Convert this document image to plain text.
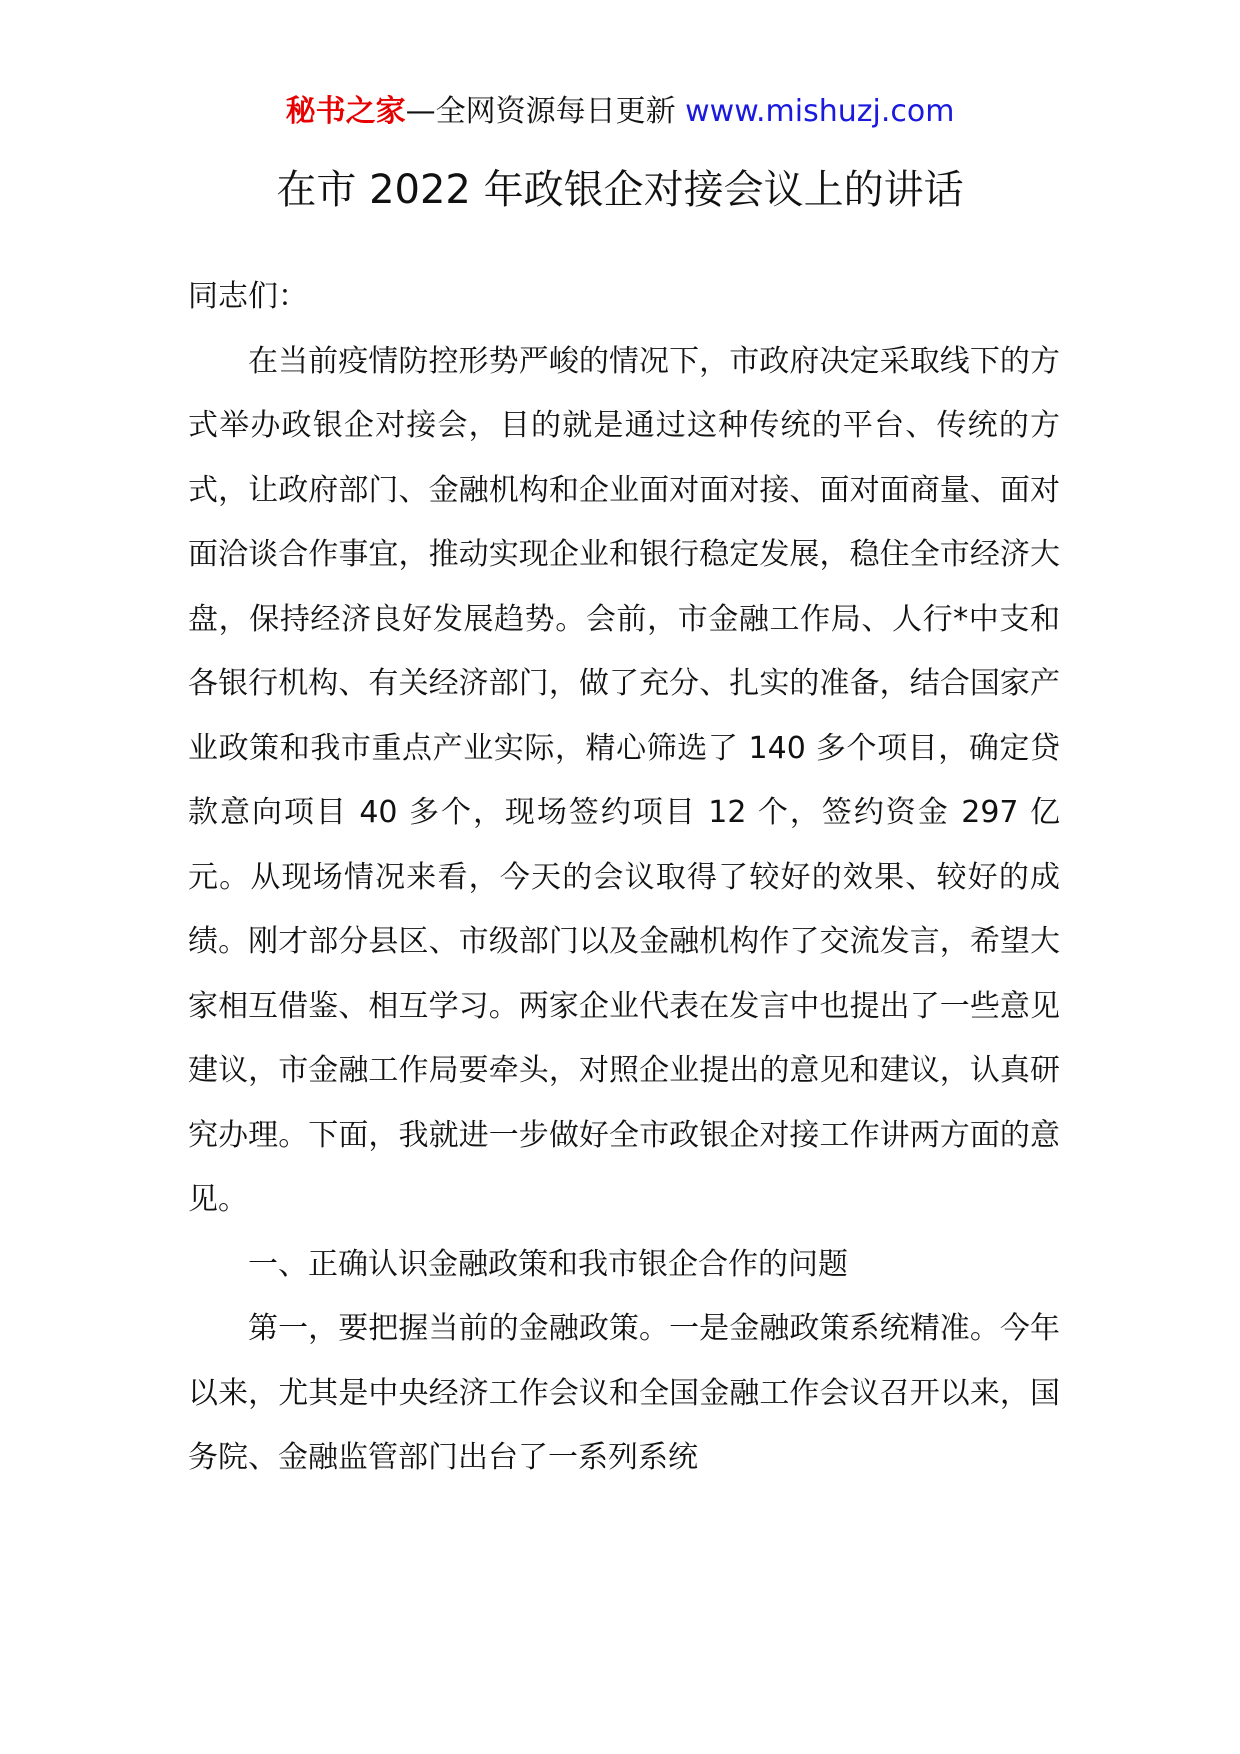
秘书之家—全网资源每日更新 www.mishuzj.com
在市 2022 年政银企对接会议上的讲话

同志们：

在当前疫情防控形势严峻的情况下，市政府决定采取线下的方式举办政银企对接会，目的就是通过这种传统的平台、传统的方式，让政府部门、金融机构和企业面对面对接、面对面商量、面对面洽谈合作事宜，推动实现企业和银行稳定发展，稳住全市经济大盘，保持经济良好发展趋势。会前，市金融工作局、人行*中支和各银行机构、有关经济部门，做了充分、扎实的准备，结合国家产业政策和我市重点产业实际，精心筛选了 140 多个项目，确定贷款意向项目 40 多个，现场签约项目 12 个，签约资金 297 亿元。从现场情况来看，今天的会议取得了较好的效果、较好的成绩。刚才部分县区、市级部门以及金融机构作了交流发言，希望大家相互借鉴、相互学习。两家企业代表在发言中也提出了一些意见建议，市金融工作局要牵头，对照企业提出的意见和建议，认真研究办理。下面，我就进一步做好全市政银企对接工作讲两方面的意见。

一、正确认识金融政策和我市银企合作的问题

第一，要把握当前的金融政策。一是金融政策系统精准。今年以来，尤其是中央经济工作会议和全国金融工作会议召开以来，国务院、金融监管部门出台了一系列系统
